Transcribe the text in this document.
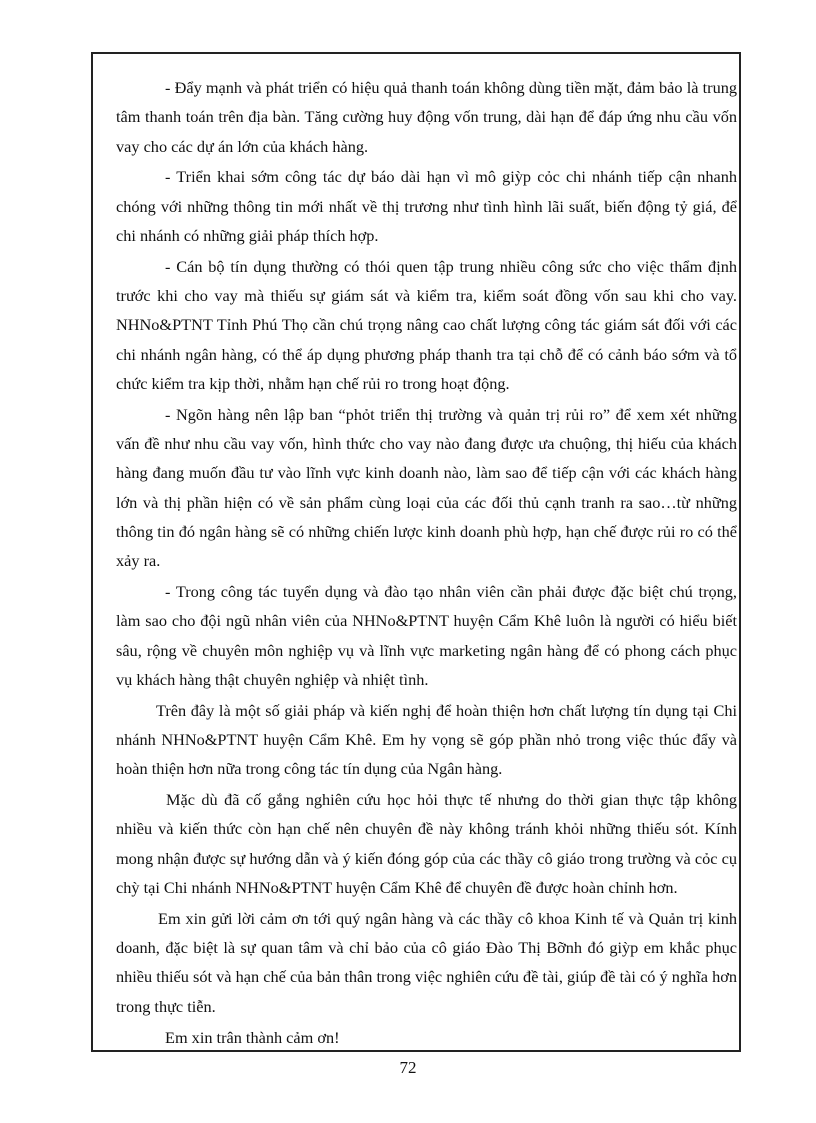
- Đẩy mạnh và phát triển có hiệu quả thanh toán không dùng tiền mặt, đảm bảo là trung tâm thanh toán trên địa bàn. Tăng cường huy động vốn trung, dài hạn để đáp ứng nhu cầu vốn vay cho các dự án lớn của khách hàng.

- Triển khai sớm công tác dự báo dài hạn vì mô giỳp cỏc chi nhánh tiếp cận nhanh chóng với những thông tin mới nhất về thị trương như tình hình lãi suất, biến động tỷ giá, để chi nhánh có những giải pháp thích hợp.

- Cán bộ tín dụng thường có thói quen tập trung nhiều công sức cho việc thẩm định trước khi cho vay mà thiếu sự giám sát và kiểm tra, kiểm soát đồng vốn sau khi cho vay. NHNo&PTNT Tỉnh Phú Thọ cần chú trọng nâng cao chất lượng công tác giám sát đối với các chi nhánh ngân hàng, có thể áp dụng phương pháp thanh tra tại chỗ để có cảnh báo sớm và tổ chức kiểm tra kịp thời, nhằm hạn chế rủi ro trong hoạt động.

- Ngõn hàng nên lập ban “phỏt triển thị trường và quản trị rủi ro” để xem xét những vấn đề như nhu cầu vay vốn, hình thức cho vay nào đang được ưa chuộng, thị hiếu của khách hàng đang muốn đầu tư vào lĩnh vực kinh doanh nào, làm sao để tiếp cận với các khách hàng lớn và thị phần hiện có về sản phẩm cùng loại của các đối thủ cạnh tranh ra sao…từ những thông tin đó ngân hàng sẽ có những chiến lược kinh doanh phù hợp, hạn chế được rủi ro có thể xảy ra.

- Trong công tác tuyển dụng và đào tạo nhân viên cần phải được đặc biệt chú trọng, làm sao cho đội ngũ nhân viên của NHNo&PTNT huyện Cẩm Khê luôn là người có hiểu biết sâu, rộng về chuyên môn nghiệp vụ và lĩnh vực marketing ngân hàng để có phong cách phục vụ khách hàng thật chuyên nghiệp và nhiệt tình.

Trên đây là một số giải pháp và kiến nghị để hoàn thiện hơn chất lượng tín dụng tại Chi nhánh NHNo&PTNT huyện Cẩm Khê. Em hy vọng sẽ góp phần nhỏ trong việc thúc đẩy và hoàn thiện hơn nữa trong công tác tín dụng của Ngân hàng.

Mặc dù đã cố gắng nghiên cứu học hỏi thực tế nhưng do thời gian thực tập không nhiều và kiến thức còn hạn chế nên chuyên đề này không tránh khỏi những thiếu sót. Kính mong nhận được sự hướng dẫn và ý kiến đóng góp của các thầy cô giáo trong trường và cỏc cụ chỳ tại Chi nhánh NHNo&PTNT huyện Cẩm Khê để chuyên đề được hoàn chỉnh hơn.

Em xin gửi lời cảm ơn tới quý ngân hàng và các thầy cô khoa Kinh tế và Quản trị kinh doanh, đặc biệt là sự quan tâm và chỉ bảo của cô giáo Đào Thị Bỡnh đó giỳp em khắc phục nhiều thiếu sót và hạn chế của bản thân trong việc nghiên cứu đề tài, giúp đề tài có ý nghĩa hơn trong thực tiễn.

Em xin trân thành cảm ơn!

72
